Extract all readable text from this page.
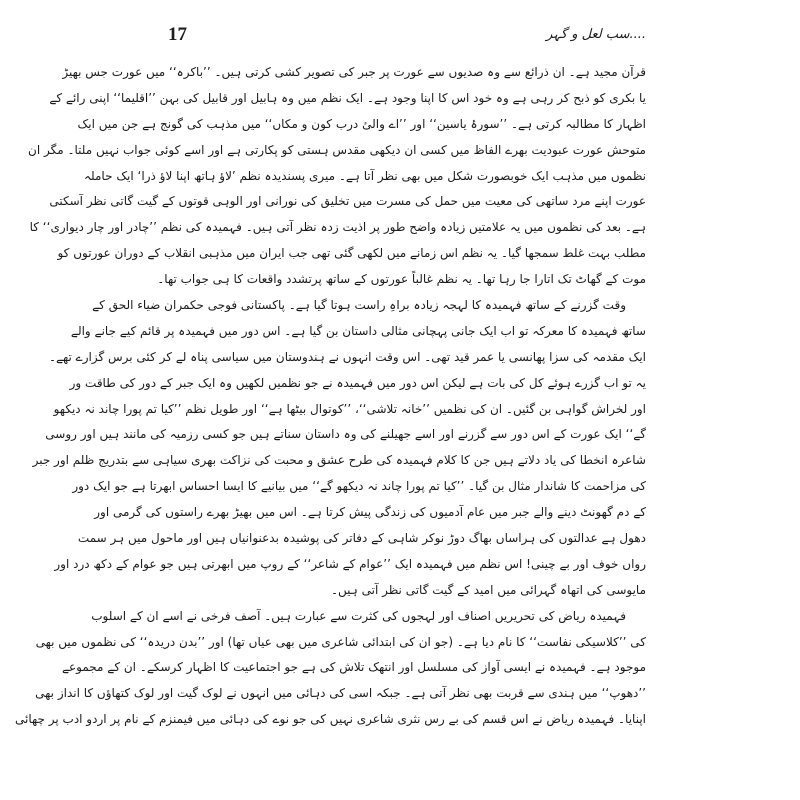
17	....سب لعل و گہر
قرآن مجید ہے۔ ان ذرائع سے وہ صدیوں سے عورت پر جبر کی تصویر کشی کرتی ہیں۔ ’’باکرہ‘‘ میں عورت جس بھیڑ
یا بکری کو ذبح کر رہی ہے وہ خود اس کا اپنا وجود ہے۔ ایک نظم میں وہ ہابیل اور قابیل کی بہن ’’اقلیما‘‘ اپنی رائے کے
اظہار کا مطالبہ کرتی ہے۔ ’’سورۂ یاسین‘‘ اور ’’اے والیٔ درب کون و مکاں‘‘ میں مذہب کی گونج ہے جن میں ایک
متوحش عورت عبودیت بھرے الفاظ میں کسی ان دیکھی مقدس ہستی کو پکارتی ہے اور اسے کوئی جواب نہیں ملتا۔ مگر ان
نظموں میں مذہب ایک خوبصورت شکل میں بھی نظر آتا ہے۔ میری پسندیدہ نظم ’لاؤ ہاتھ اپنا لاؤ ذرا‘ ایک حاملہ
عورت اپنے مرد ساتھی کی معیت میں حمل کی مسرت میں تخلیق کی نورانی اور الوہی قوتوں کے گیت گاتی نظر آسکتی
ہے۔ بعد کی نظموں میں یہ علامتیں زیادہ واضح طور پر اذیت زدہ نظر آتی ہیں۔ فہمیدہ کی نظم ’’چادر اور چار دیواری‘‘ کا
مطلب بہت غلط سمجھا گیا۔ یہ نظم اس زمانے میں لکھی گئی تھی جب ایران میں مذہبی انقلاب کے دوران عورتوں کو
موت کے گھاٹ تک اتارا جا رہا تھا۔ یہ نظم غالباً عورتوں کے ساتھ پرتشدد واقعات کا ہی جواب تھا۔
وقت گزرنے کے ساتھ فہمیدہ کا لہجہ زیادہ براہِ راست ہوتا گیا ہے۔ پاکستانی فوجی حکمران ضیاء الحق کے
ساتھ فہمیدہ کا معرکہ تو اب ایک جانی پہچانی مثالی داستان بن گیا ہے۔ اس دور میں فہمیدہ پر قائم کیے جانے والے
ایک مقدمہ کی سزا پھانسی یا عمر قید تھی۔ اس وقت انہوں نے ہندوستان میں سیاسی پناہ لے کر کئی برس گزارے تھے۔
یہ تو اب گزرے ہوئے کل کی بات ہے لیکن اس دور میں فہمیدہ نے جو نظمیں لکھیں وہ ایک جبر کے دور کی طاقت ور
اور لخراش گواہی بن گئیں۔ ان کی نظمیں ’’خانہ تلاشی‘‘، ’’کوتوال بیٹھا ہے‘‘ اور طویل نظم ’’کیا تم پورا چاند نہ دیکھو
گے‘‘ ایک عورت کے اس دور سے گزرنے اور اسے جھیلنے کی وہ داستان سناتے ہیں جو کسی رزمیہ کی مانند ہیں اور روسی
شاعرہ انخطا کی یاد دلاتے ہیں جن کا کلام فہمیدہ کی طرح عشق و محبت کی نزاکت بھری سیاہی سے بتدریج ظلم اور جبر
کی مزاحمت کا شاندار مثال بن گیا۔ ’’کیا تم پورا چاند نہ دیکھو گے‘‘ میں بیانیے کا ایسا احساس ابھرتا ہے جو ایک دور
کے دم گھونٹ دینے والے جبر میں عام آدمیوں کی زندگی پیش کرتا ہے۔ اس میں بھیڑ بھرے راستوں کی گرمی اور
دھول ہے عدالتوں کی ہراساں بھاگ دوڑ نوکر شاہی کے دفاتر کی پوشیدہ بدعنوانیاں ہیں اور ماحول میں ہر سمت
رواں خوف اور بے چینی! اس نظم میں فہمیدہ ایک ’’عوام کے شاعر‘‘ کے روپ میں ابھرتی ہیں جو عوام کے دکھ درد اور
مایوسی کی اتھاہ گہرائی میں امید کے گیت گاتی نظر آتی ہیں۔
فہمیدہ ریاض کی تحریریں اصناف اور لہجوں کی کثرت سے عبارت ہیں۔ آصف فرخی نے اسے ان کے اسلوب
کی ’’کلاسیکی نفاست‘‘ کا نام دیا ہے۔ (جو ان کی ابتدائی شاعری میں بھی عیاں تھا) اور ’’بدن دریدہ‘‘ کی نظموں میں بھی
موجود ہے۔ فہمیدہ نے ایسی آواز کی مسلسل اور انتھک تلاش کی ہے جو اجتماعیت کا اظہار کرسکے۔ ان کے مجموعے
’’دھوپ‘‘ میں ہندی سے قربت بھی نظر آتی ہے۔ جبکہ اسی کی دہائی میں انہوں نے لوک گیت اور لوک کتھاؤں کا انداز بھی
اپنایا۔ فہمیدہ ریاض نے اس قسم کی بے رس نثری شاعری نہیں کی جو نوے کی دہائی میں فیمنزم کے نام پر اردو ادب پر چھائی
